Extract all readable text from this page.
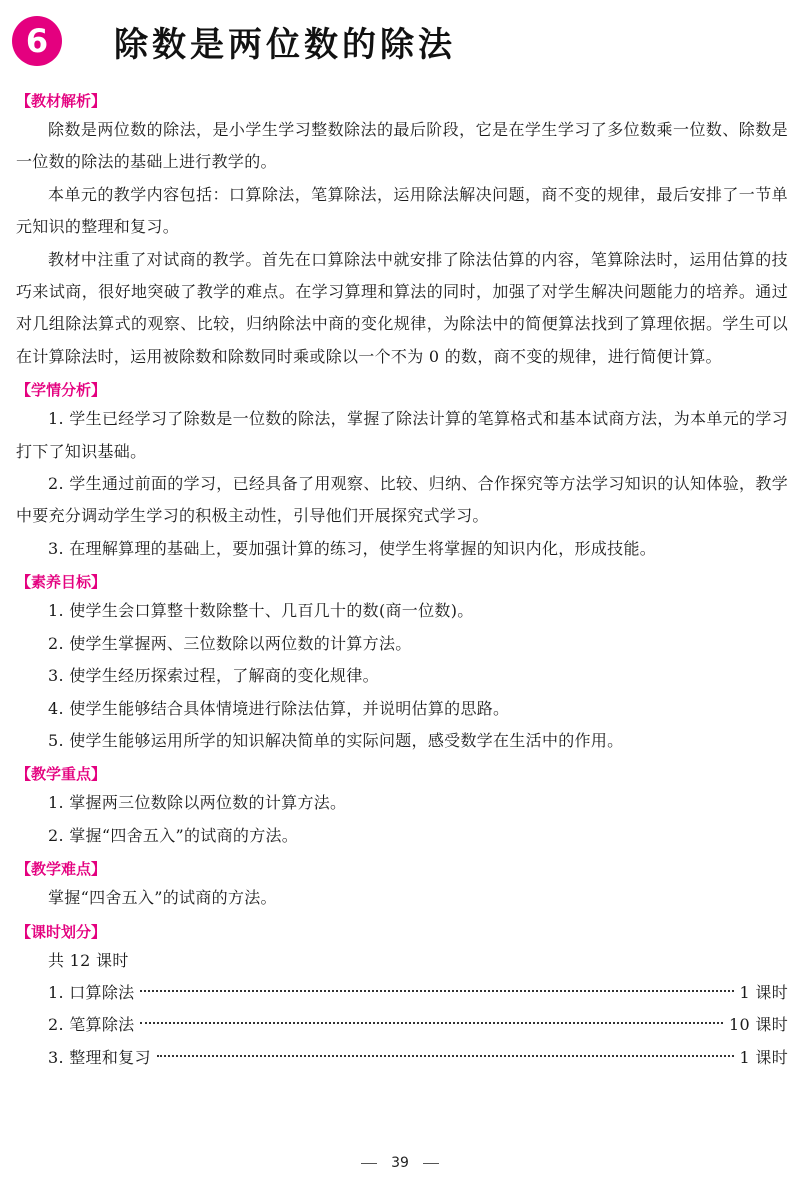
6 除数是两位数的除法
【教材解析】

除数是两位数的除法，是小学生学习整数除法的最后阶段，它是在学生学习了多位数乘一位数、除数是一位数的除法的基础上进行教学的。

本单元的教学内容包括：口算除法，笔算除法，运用除法解决问题，商不变的规律，最后安排了一节单元知识的整理和复习。

教材中注重了对试商的教学。首先在口算除法中就安排了除法估算的内容，笔算除法时，运用估算的技巧来试商，很好地突破了教学的难点。在学习算理和算法的同时，加强了对学生解决问题能力的培养。通过对几组除法算式的观察、比较，归纳除法中商的变化规律，为除法中的简便算法找到了算理依据。学生可以在计算除法时，运用被除数和除数同时乘或除以一个不为 0 的数，商不变的规律，进行简便计算。

【学情分析】

1. 学生已经学习了除数是一位数的除法，掌握了除法计算的笔算格式和基本试商方法，为本单元的学习打下了知识基础。

2. 学生通过前面的学习，已经具备了用观察、比较、归纳、合作探究等方法学习知识的认知体验，教学中要充分调动学生学习的积极主动性，引导他们开展探究式学习。

3. 在理解算理的基础上，要加强计算的练习，使学生将掌握的知识内化，形成技能。

【素养目标】

1. 使学生会口算整十数除整十、几百几十的数(商一位数)。

2. 使学生掌握两、三位数除以两位数的计算方法。

3. 使学生经历探索过程，了解商的变化规律。

4. 使学生能够结合具体情境进行除法估算，并说明估算的思路。

5. 使学生能够运用所学的知识解决简单的实际问题，感受数学在生活中的作用。

【教学重点】

1. 掌握两三位数除以两位数的计算方法。

2. 掌握“四舍五入”的试商的方法。

【教学难点】

掌握“四舍五入”的试商的方法。

【课时划分】

共 12 课时

1. 口算除法	1 课时
2. 笔算除法	10 课时
3. 整理和复习	1 课时
39
